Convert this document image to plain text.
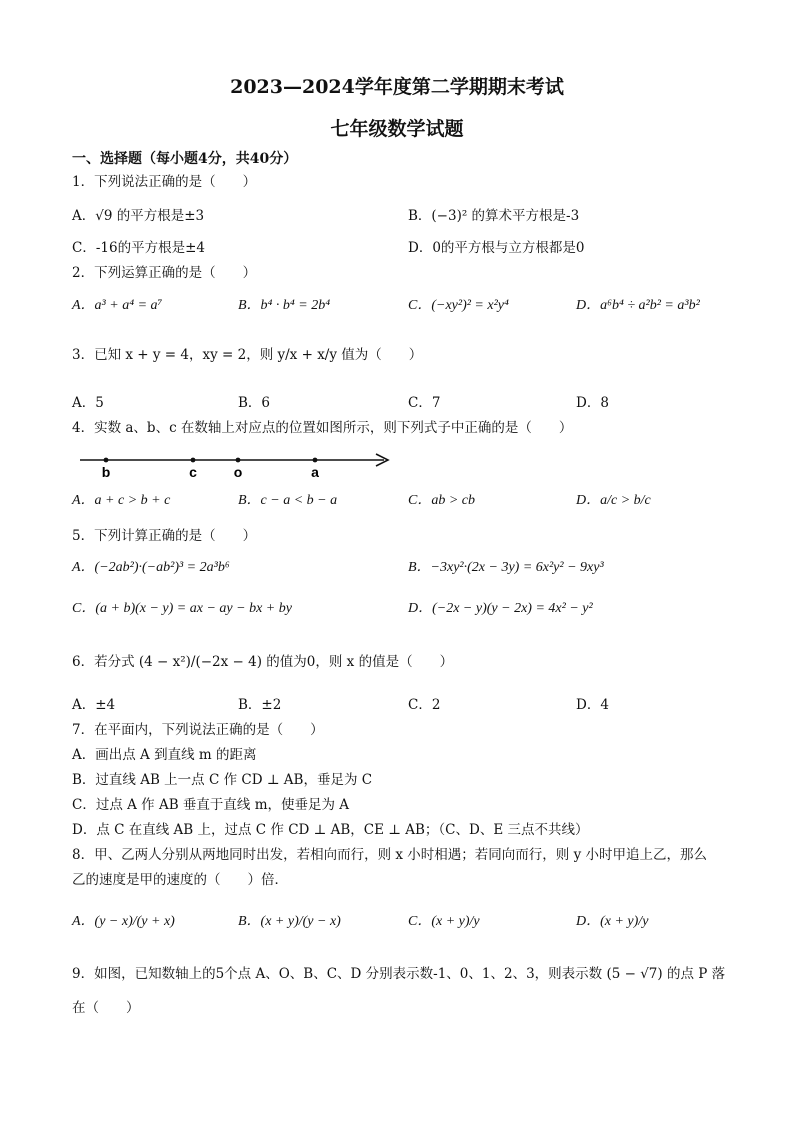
2023—2024学年度第二学期期末考试
七年级数学试题
一、选择题（每小题4分，共40分）
1．下列说法正确的是（　　）
A．√9 的平方根是±3	B．(−3)² 的算术平方根是-3
C．-16的平方根是±4	D．0的平方根与立方根都是0
2．下列运算正确的是（　　）
A．a³ + a⁴ = a⁷	B．b⁴ · b⁴ = 2b⁴	C．(−xy²)² = x²y⁴	D．a⁶b⁴ ÷ a²b² = a³b²
3．已知 x + y = 4，xy = 2，则 y/x + x/y 值为（　　）
A．5	B．6	C．7	D．8
4．实数 a、b、c 在数轴上对应点的位置如图所示，则下列式子中正确的是（　　）
b	c	o	a
A．a + c > b + c	B．c − a < b − a	C．ab > cb	D．a/c > b/c
5．下列计算正确的是（　　）
A．(−2ab²)·(−ab²)³ = 2a³b⁶	B．−3xy²·(2x − 3y) = 6x²y² − 9xy³
C．(a + b)(x − y) = ax − ay − bx + by	D．(−2x − y)(y − 2x) = 4x² − y²
6．若分式 (4 − x²)/(−2x − 4) 的值为0，则 x 的值是（　　）
A．±4	B．±2	C．2	D．4
7．在平面内，下列说法正确的是（　　）
A．画出点 A 到直线 m 的距离
B．过直线 AB 上一点 C 作 CD ⊥ AB，垂足为 C
C．过点 A 作 AB 垂直于直线 m，使垂足为 A
D．点 C 在直线 AB 上，过点 C 作 CD ⊥ AB，CE ⊥ AB；（C、D、E 三点不共线）
8．甲、乙两人分别从两地同时出发，若相向而行，则 x 小时相遇；若同向而行，则 y 小时甲追上乙，那么
乙的速度是甲的速度的（　　）倍．
A．(y − x)/(y + x)	B．(x + y)/(y − x)	C．(x + y)/y	D．(x + y)/y
9．如图，已知数轴上的5个点 A、O、B、C、D 分别表示数-1、0、1、2、3，则表示数 (5 − √7) 的点 P 落
在（　　）
